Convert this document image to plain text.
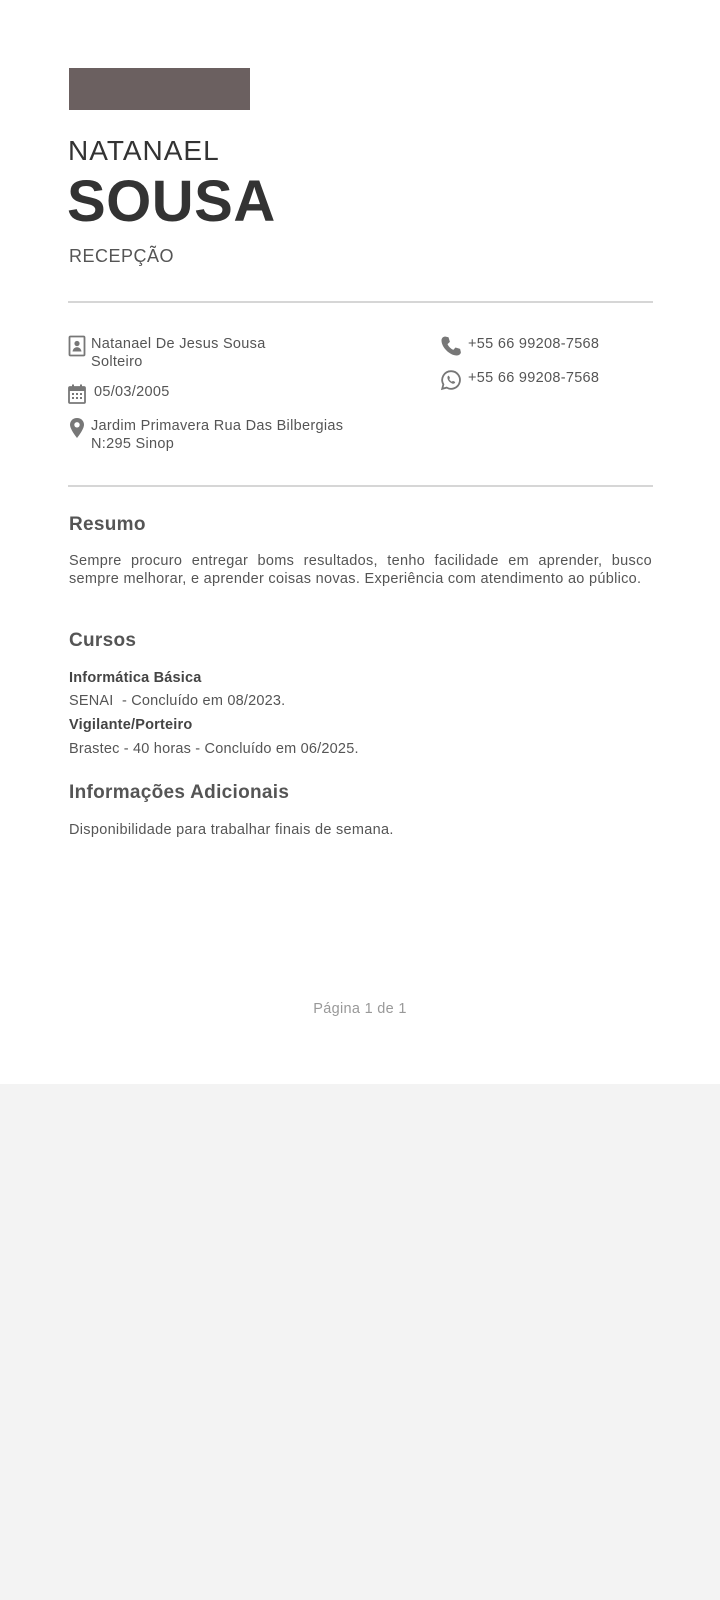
NATANAEL
SOUSA
RECEPÇÃO
Natanael De Jesus Sousa
Solteiro
05/03/2005
Jardim Primavera Rua Das Bilbergias
N:295 Sinop
+55 66 99208-7568
+55 66 99208-7568
Resumo
Sempre procuro entregar boms resultados, tenho facilidade em aprender, busco sempre melhorar, e aprender coisas novas. Experiência com atendimento ao público.
Cursos
Informática Básica
SENAI  - Concluído em 08/2023.
Vigilante/Porteiro
Brastec - 40 horas - Concluído em 06/2025.
Informações Adicionais
Disponibilidade para trabalhar finais de semana.
Página 1 de 1
